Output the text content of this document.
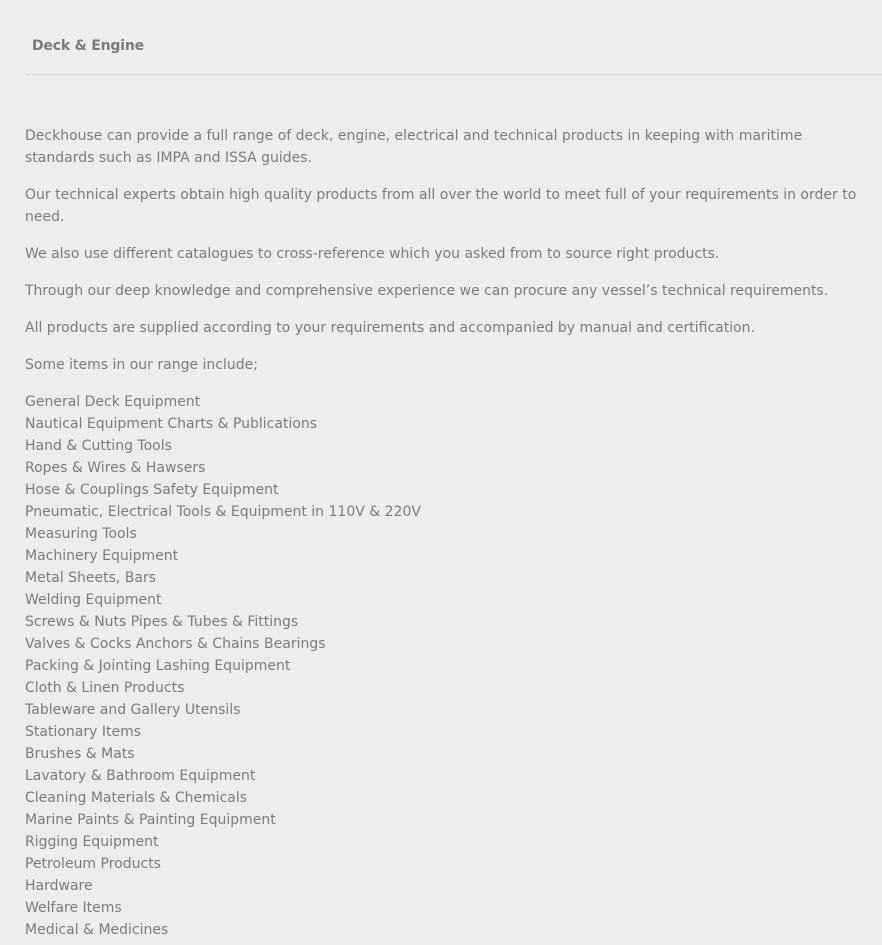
Deck & Engine

Deckhouse can provide a full range of deck, engine, electrical and technical products in keeping with maritime standards such as IMPA and ISSA guides.

Our technical experts obtain high quality products from all over the world to meet full of your requirements in order to need.

We also use different catalogues to cross-reference which you asked from to source right products.

Through our deep knowledge and comprehensive experience we can procure any vessel’s technical requirements.

All products are supplied according to your requirements and accompanied by manual and certification.

Some items in our range include;

General Deck Equipment
Nautical Equipment Charts & Publications
Hand & Cutting Tools
Ropes & Wires & Hawsers
Hose & Couplings Safety Equipment
Pneumatic, Electrical Tools & Equipment in 110V & 220V
Measuring Tools
Machinery Equipment
Metal Sheets, Bars
Welding Equipment
Screws & Nuts Pipes & Tubes & Fittings
Valves & Cocks Anchors & Chains Bearings
Packing & Jointing Lashing Equipment
Cloth & Linen Products
Tableware and Gallery Utensils
Stationary Items
Brushes & Mats
Lavatory & Bathroom Equipment
Cleaning Materials & Chemicals
Marine Paints & Painting Equipment
Rigging Equipment
Petroleum Products
Hardware
Welfare Items
Medical & Medicines
